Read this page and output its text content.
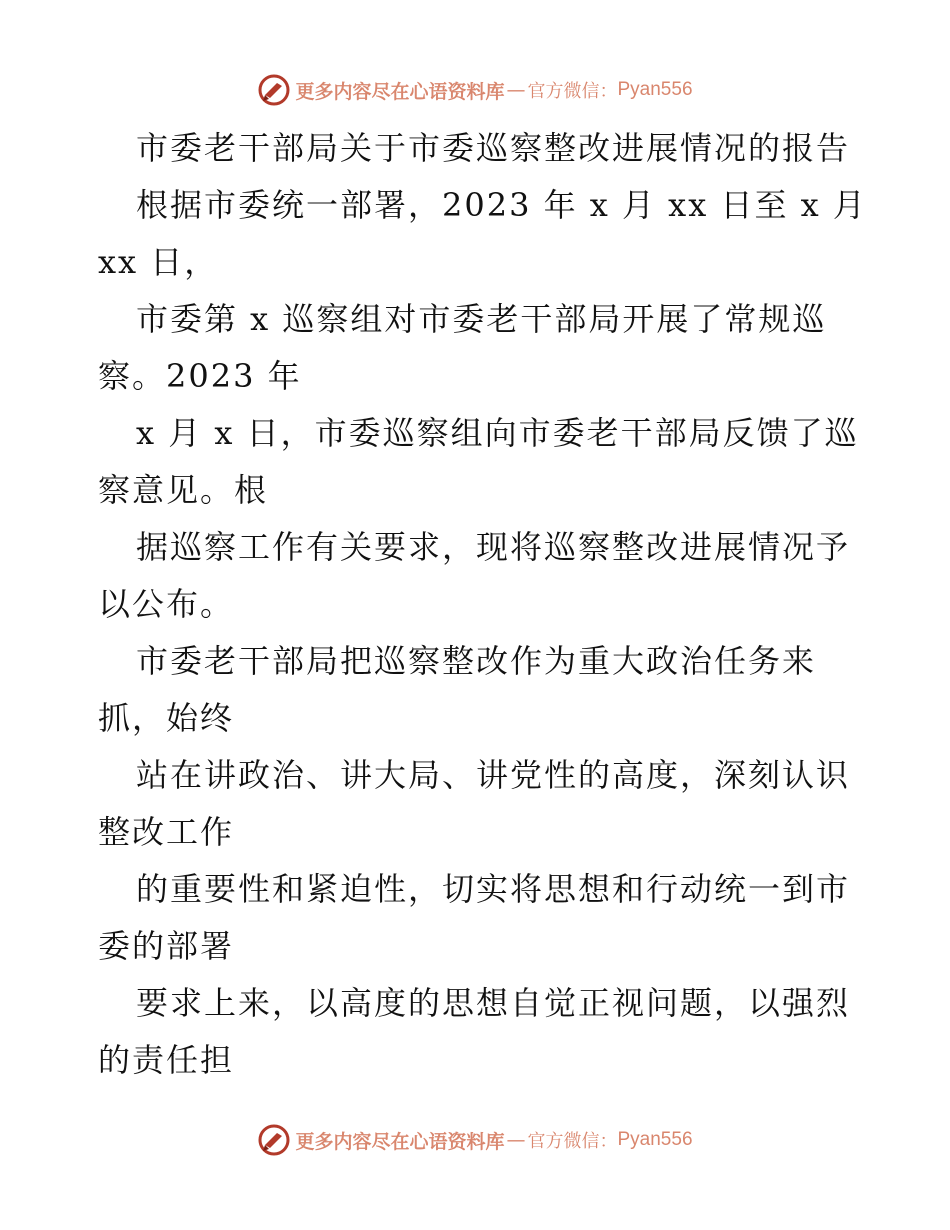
更多内容尽在心语资料库 — 官方微信： Pyan556
市委老干部局关于市委巡察整改进展情况的报告
根据市委统一部署，2023 年 x 月 xx 日至 x 月
xx 日，
市委第 x 巡察组对市委老干部局开展了常规巡
察。2023 年
x 月 x 日，市委巡察组向市委老干部局反馈了巡
察意见。根
据巡察工作有关要求，现将巡察整改进展情况予
以公布。
市委老干部局把巡察整改作为重大政治任务来
抓，始终
站在讲政治、讲大局、讲党性的高度，深刻认识
整改工作
的重要性和紧迫性，切实将思想和行动统一到市
委的部署
要求上来，以高度的思想自觉正视问题，以强烈
的责任担
更多内容尽在心语资料库 — 官方微信： Pyan556
